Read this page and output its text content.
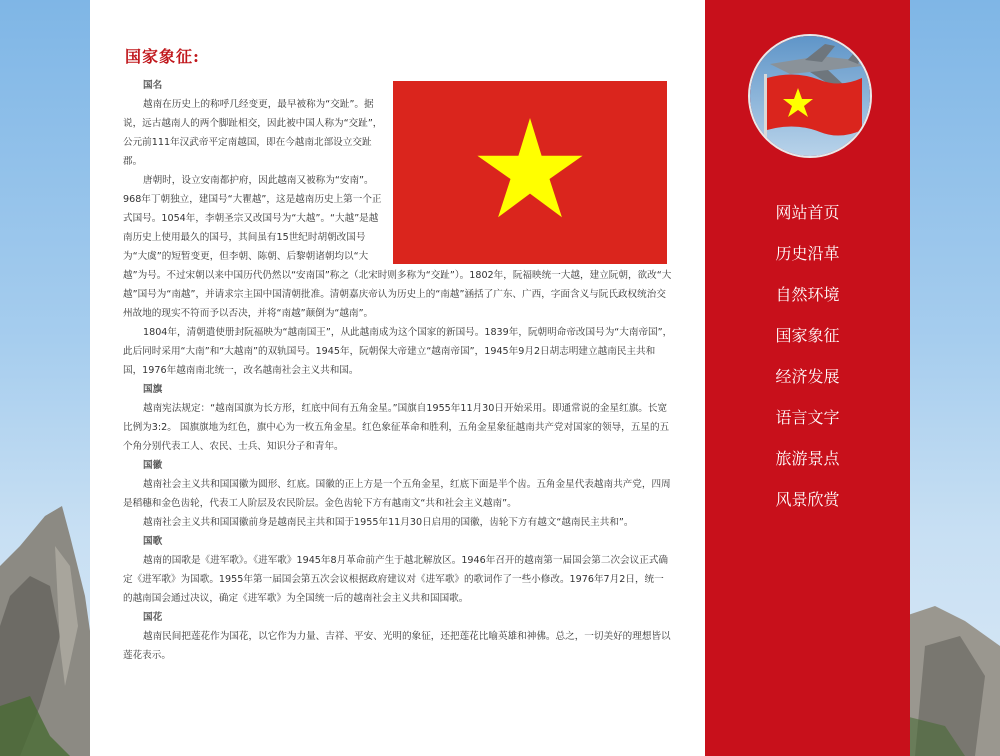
国家象征:
国名

越南在历史上的称呼几经变更，最早被称为“交趾”。据说，远古越南人的两个脚趾相交，因此被中国人称为“交趾”，公元前111年汉武帝平定南越国，即在今越南北部设立交趾郡。

唐朝时，设立安南都护府，因此越南又被称为“安南”。968年丁朝独立，建国号“大瞿越”，这是越南历史上第一个正式国号。1054年，李朝圣宗又改国号为“大越”。“大越”是越南历史上使用最久的国号，其间虽有15世纪时胡朝改国号为“大虞”的短暂变更，但李朝、陈朝、后黎朝诸朝均以“大越”为号。不过宋朝以来中国历代仍然以“安南国”称之（北宋时则多称为“交趾”）。1802年，阮福映统一大越，建立阮朝，欲改“大越”国号为“南越”，并请求宗主国中国清朝批准。清朝嘉庆帝认为历史上的“南越”涵括了广东、广西，字面含义与阮氏政权统治交州故地的现实不符而予以否决，并将“南越”颠倒为“越南”。

1804年，清朝遣使册封阮福映为“越南国王”，从此越南成为这个国家的新国号。1839年，阮朝明命帝改国号为“大南帝国”，此后同时采用“大南”和“大越南”的双轨国号。1945年，阮朝保大帝建立“越南帝国”，1945年9月2日胡志明建立越南民主共和国，1976年越南南北统一，改名越南社会主义共和国。

国旗

越南宪法规定：“越南国旗为长方形，红底中间有五角金星。”国旗自1955年11月30日开始采用。即通常说的金星红旗。长宽比例为3:2。 国旗旗地为红色，旗中心为一枚五角金星。红色象征革命和胜利，五角金星象征越南共产党对国家的领导，五星的五个角分别代表工人、农民、士兵、知识分子和青年。

国徽

越南社会主义共和国国徽为圆形、红底。国徽的正上方是一个五角金星，红底下面是半个齿。五角金星代表越南共产党，四周是稻穗和金色齿轮，代表工人阶层及农民阶层。金色齿轮下方有越南文“共和社会主义越南”。

越南社会主义共和国国徽前身是越南民主共和国于1955年11月30日启用的国徽，齿轮下方有越文“越南民主共和”。

国歌

越南的国歌是《进军歌》。《进军歌》1945年8月革命前产生于越北解放区。1946年召开的越南第一届国会第二次会议正式确定《进军歌》为国歌。1955年第一届国会第五次会议根据政府建议对《进军歌》的歌词作了一些小修改。1976年7月2日，统一的越南国会通过决议，确定《进军歌》为全国统一后的越南社会主义共和国国歌。

国花

越南民间把莲花作为国花，以它作为力量、吉祥、平安、光明的象征，还把莲花比喻英雄和神佛。总之，一切美好的理想皆以莲花表示。

网站首页
历史沿革
自然环境
国家象征
经济发展
语言文字
旅游景点
风景欣赏
